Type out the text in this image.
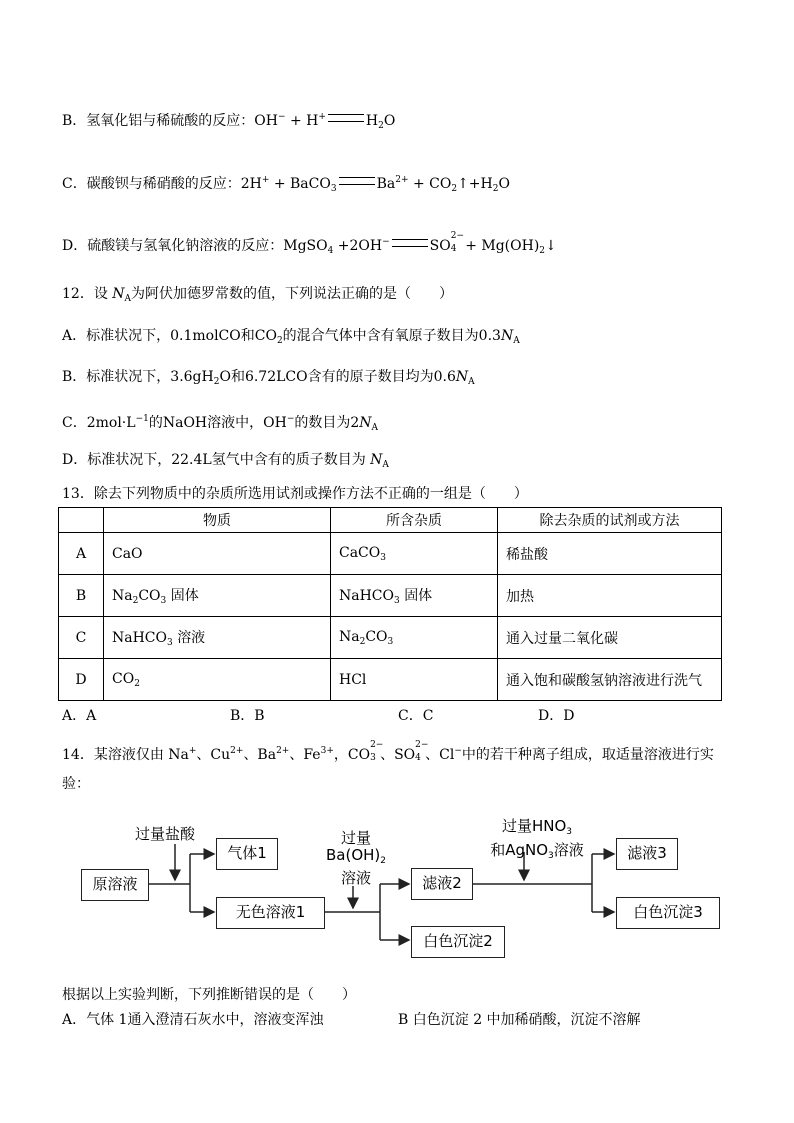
B．氢氧化铝与稀硫酸的反应：OH− + H+	$H_2O$
C．碳酸钡与稀硝酸的反应：2H+ + BaCO$_3$	$Ba^{2+}$ + $CO_2↑+H_2O$
D．硫酸镁与氢氧化钠溶液的反应：MgSO$_4$ +2OH−	SO
2−
$4 + Mg(OH)_2↓$
12．设 $N_A$为阿伏加德罗常数的值，下列说法正确的是（　　）
A．标准状况下，0.1molCO和$CO_2$的混合气体中含有氧原子数目为$0.3N_A$
B．标准状况下，$3.6gH_2O$和6.72LCO含有的原子数目均为$0.6N_A$
C．$2mol\cdot L^{-1}$的NaOH溶液中，OH−的数目为$2N_A$
D．标准状况下，22.4L氢气中含有的质子数目为 $N_A$
13．除去下列物质中的杂质所选用试剂或操作方法不正确的一组是（　　）
	物质	所含杂质	除去杂质的试剂或方法
A	CaO	CaCO$_3$	稀盐酸
B	$Na_2CO_3$ 固体	NaHCO$_3$ 固体	加热
C	NaHCO$_3$ 溶液	$Na_2CO_3$	通入过量二氧化碳
D	$CO_2$	HCl	通入饱和碳酸氢钠溶液进行洗气
A．A	B．B	C．C	D．D
14．某溶液仅由 Na+、$Cu^{2+}$、$Ba^{2+}$、$Fe^{3+}$，CO
2−
3 、SO
2−
4 、Cl−中的若干种离子组成，取适量溶液进行实
验：
过量盐酸	过量
$Ba(OH)_2$
溶液
过量$HNO_3$
和AgNO$_3$溶液
原溶液
气体1
无色溶液1
滤液2
白色沉淀2
滤液3
白色沉淀3
根据以上实验判断，下列推断错误的是（　　）
A．气体 1通入澄清石灰水中，溶液变浑浊	B 白色沉淀 2 中加稀硝酸，沉淀不溶解
